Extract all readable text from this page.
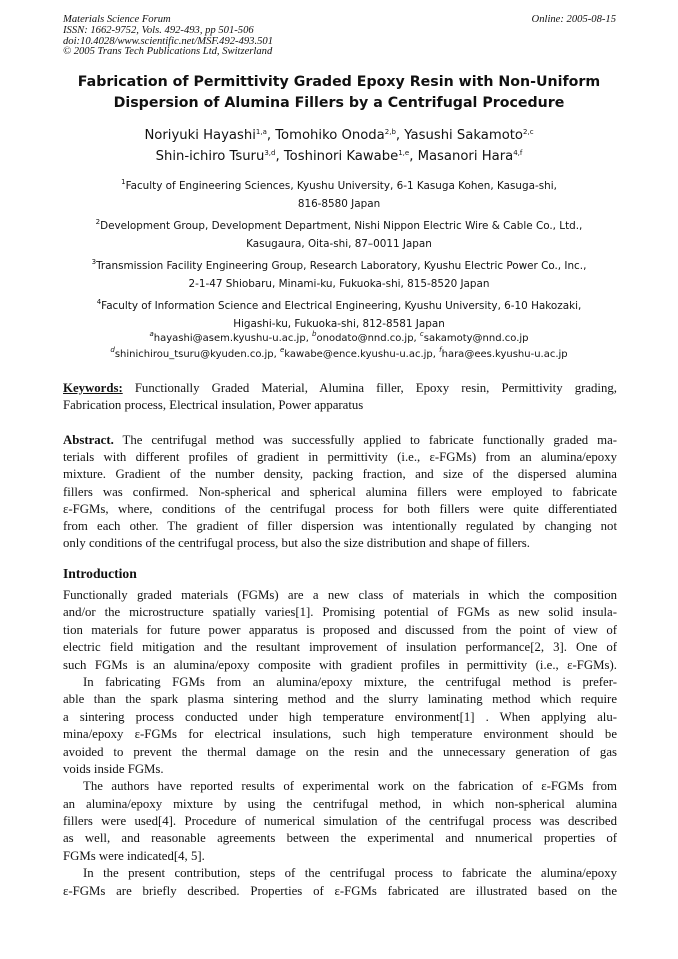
Materials Science Forum
ISSN: 1662-9752, Vols. 492-493, pp 501-506
doi:10.4028/www.scientific.net/MSF.492-493.501
© 2005 Trans Tech Publications Ltd, Switzerland
Online: 2005-08-15
Fabrication of Permittivity Graded Epoxy Resin with Non-Uniform
Dispersion of Alumina Fillers by a Centrifugal Procedure
Noriyuki Hayashi$^{1,a}$, Tomohiko Onoda$^{2,b}$, Yasushi Sakamoto$^{2,c}$
Shin-ichiro Tsuru$^{3,d}$, Toshinori Kawabe$^{1,e}$, Masanori Hara$^{4,f}$
$^1$Faculty of Engineering Sciences, Kyushu University, 6-1 Kasuga Kohen, Kasuga-shi,
816-8580 Japan
$^2$Development Group, Development Department, Nishi Nippon Electric Wire & Cable Co., Ltd.,
Kasugaura, Oita-shi, 87–0011 Japan
$^3$Transmission Facility Engineering Group, Research Laboratory, Kyushu Electric Power Co., Inc.,
2-1-47 Shiobaru, Minami-ku, Fukuoka-shi, 815-8520 Japan
$^4$Faculty of Information Science and Electrical Engineering, Kyushu University, 6-10 Hakozaki,
Higashi-ku, Fukuoka-shi, 812-8581 Japan
$^a$hayashi@asem.kyushu-u.ac.jp, $^b$onodato@nnd.co.jp, $^c$sakamoty@nnd.co.jp
$^d$shinichirou_tsuru@kyuden.co.jp, $^e$kawabe@ence.kyushu-u.ac.jp, $^f$hara@ees.kyushu-u.ac.jp
Keywords: Functionally Graded Material, Alumina filler, Epoxy resin, Permittivity grading,
Fabrication process, Electrical insulation, Power apparatus
Abstract. The centrifugal method was successfully applied to fabricate functionally graded ma-
terials with different profiles of gradient in permittivity (i.e., ε-FGMs) from an alumina/epoxy
mixture. Gradient of the number density, packing fraction, and size of the dispersed alumina
fillers was confirmed. Non-spherical and spherical alumina fillers were employed to fabricate
ε-FGMs, where, conditions of the centrifugal process for both fillers were quite differentiated
from each other. The gradient of filler dispersion was intentionally regulated by changing not
only conditions of the centrifugal process, but also the size distribution and shape of fillers.
Introduction
Functionally graded materials (FGMs) are a new class of materials in which the composition
and/or the microstructure spatially varies[1]. Promising potential of FGMs as new solid insula-
tion materials for future power apparatus is proposed and discussed from the point of view of
electric field mitigation and the resultant improvement of insulation performance[2, 3]. One of
such FGMs is an alumina/epoxy composite with gradient profiles in permittivity (i.e., ε-FGMs).
In fabricating FGMs from an alumina/epoxy mixture, the centrifugal method is prefer-
able than the spark plasma sintering method and the slurry laminating method which require
a sintering process conducted under high temperature environment[1] . When applying alu-
mina/epoxy ε-FGMs for electrical insulations, such high temperature environment should be
avoided to prevent the thermal damage on the resin and the unnecessary generation of gas
voids inside FGMs.
The authors have reported results of experimental work on the fabrication of ε-FGMs from
an alumina/epoxy mixture by using the centrifugal method, in which non-spherical alumina
fillers were used[4]. Procedure of numerical simulation of the centrifugal process was described
as well, and reasonable agreements between the experimental and nnumerical properties of
FGMs were indicated[4, 5].
In the present contribution, steps of the centrifugal process to fabricate the alumina/epoxy
ε-FGMs are briefly described. Properties of ε-FGMs fabricated are illustrated based on the
